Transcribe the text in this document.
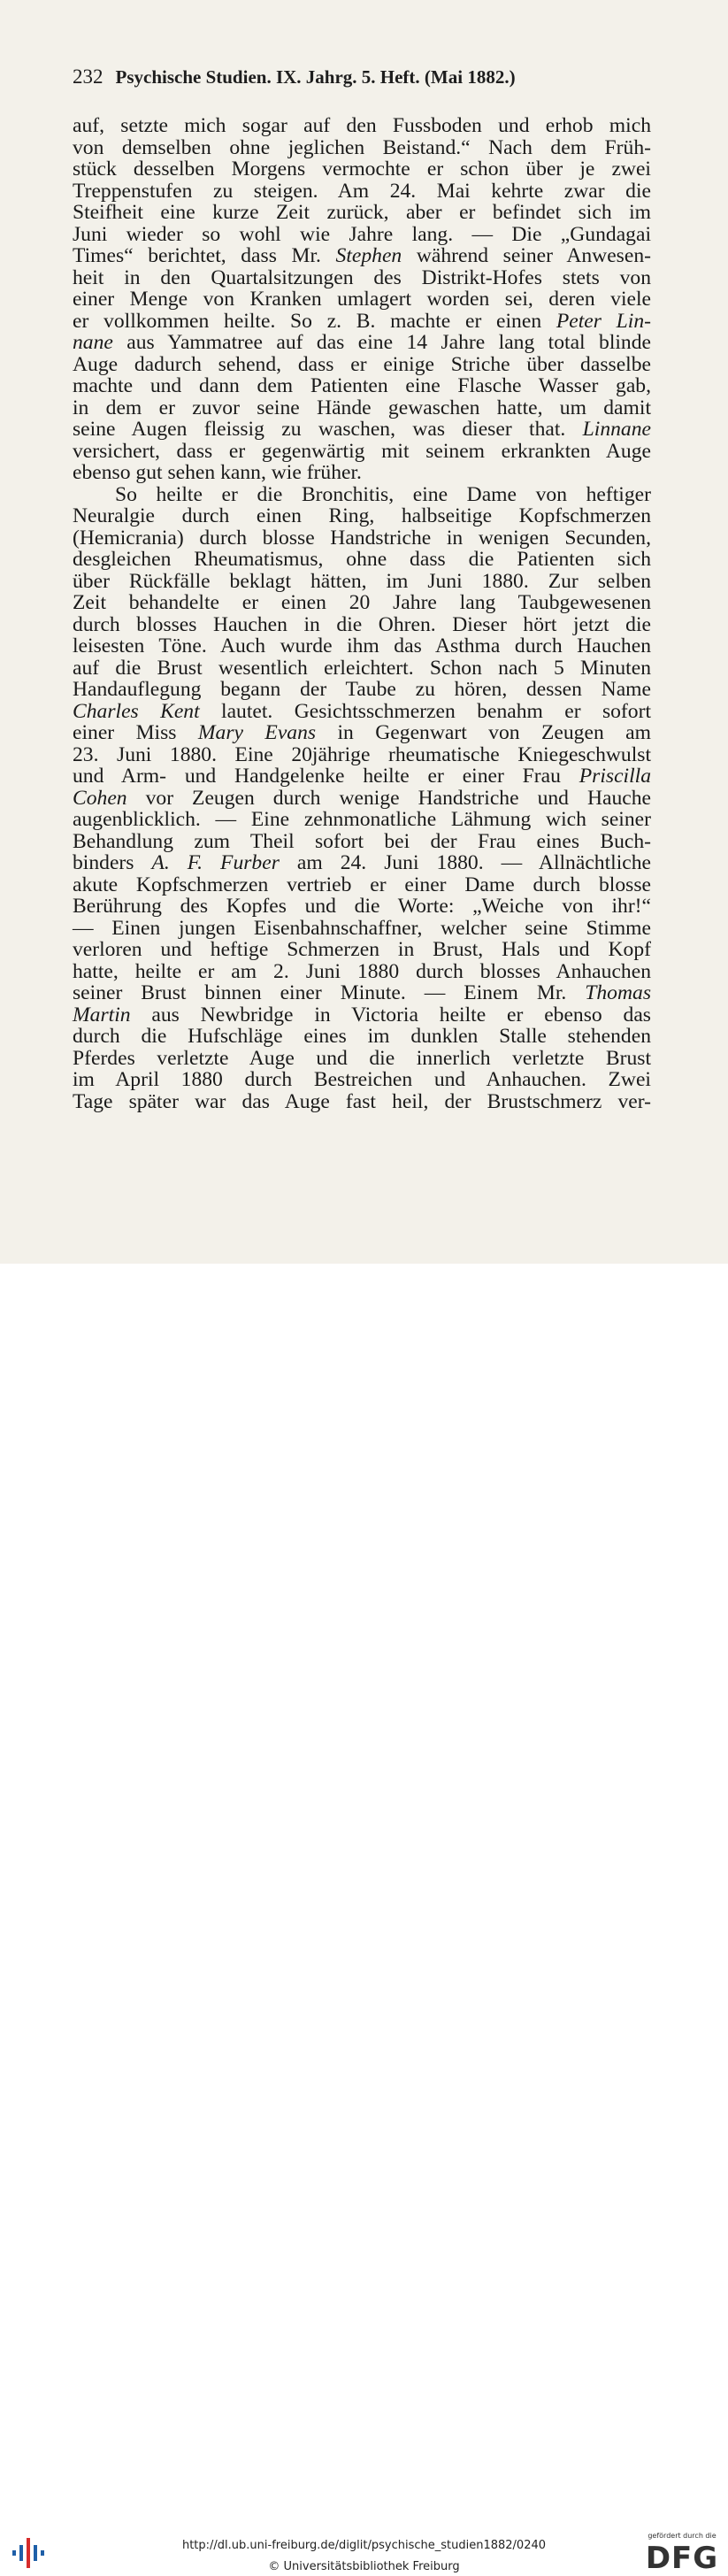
232 Psychische Studien. IX. Jahrg. 5. Heft. (Mai 1882.)
auf, setzte mich sogar auf den Fussboden und erhob mich
von demselben ohne jeglichen Beistand.“ Nach dem Früh-
stück desselben Morgens vermochte er schon über je zwei
Treppenstufen zu steigen. Am 24. Mai kehrte zwar die
Steifheit eine kurze Zeit zurück, aber er befindet sich im
Juni wieder so wohl wie Jahre lang. — Die „Gundagai
Times“ berichtet, dass Mr. Stephen während seiner Anwesen-
heit in den Quartalsitzungen des Distrikt-Hofes stets von
einer Menge von Kranken umlagert worden sei, deren viele
er vollkommen heilte. So z. B. machte er einen Peter Lin-
nane aus Yammatree auf das eine 14 Jahre lang total blinde
Auge dadurch sehend, dass er einige Striche über dasselbe
machte und dann dem Patienten eine Flasche Wasser gab,
in dem er zuvor seine Hände gewaschen hatte, um damit
seine Augen fleissig zu waschen, was dieser that. Linnane
versichert, dass er gegenwärtig mit seinem erkrankten Auge
ebenso gut sehen kann, wie früher.
So heilte er die Bronchitis, eine Dame von heftiger
Neuralgie durch einen Ring, halbseitige Kopfschmerzen
(Hemicrania) durch blosse Handstriche in wenigen Secunden,
desgleichen Rheumatismus, ohne dass die Patienten sich
über Rückfälle beklagt hätten, im Juni 1880. Zur selben
Zeit behandelte er einen 20 Jahre lang Taubgewesenen
durch blosses Hauchen in die Ohren. Dieser hört jetzt die
leisesten Töne. Auch wurde ihm das Asthma durch Hauchen
auf die Brust wesentlich erleichtert. Schon nach 5 Minuten
Handauflegung begann der Taube zu hören, dessen Name
Charles Kent lautet. Gesichtsschmerzen benahm er sofort
einer Miss Mary Evans in Gegenwart von Zeugen am
23. Juni 1880. Eine 20jährige rheumatische Kniegeschwulst
und Arm- und Handgelenke heilte er einer Frau Priscilla
Cohen vor Zeugen durch wenige Handstriche und Hauche
augenblicklich. — Eine zehnmonatliche Lähmung wich seiner
Behandlung zum Theil sofort bei der Frau eines Buch-
binders A. F. Furber am 24. Juni 1880. — Allnächtliche
akute Kopfschmerzen vertrieb er einer Dame durch blosse
Berührung des Kopfes und die Worte: „Weiche von ihr!“
— Einen jungen Eisenbahnschaffner, welcher seine Stimme
verloren und heftige Schmerzen in Brust, Hals und Kopf
hatte, heilte er am 2. Juni 1880 durch blosses Anhauchen
seiner Brust binnen einer Minute. — Einem Mr. Thomas
Martin aus Newbridge in Victoria heilte er ebenso das
durch die Hufschläge eines im dunklen Stalle stehenden
Pferdes verletzte Auge und die innerlich verletzte Brust
im April 1880 durch Bestreichen und Anhauchen. Zwei
Tage später war das Auge fast heil, der Brustschmerz ver-
http://dl.ub.uni-freiburg.de/diglit/psychische_studien1882/0240
© Universitätsbibliothek Freiburg
gefördert durch die
DFG
